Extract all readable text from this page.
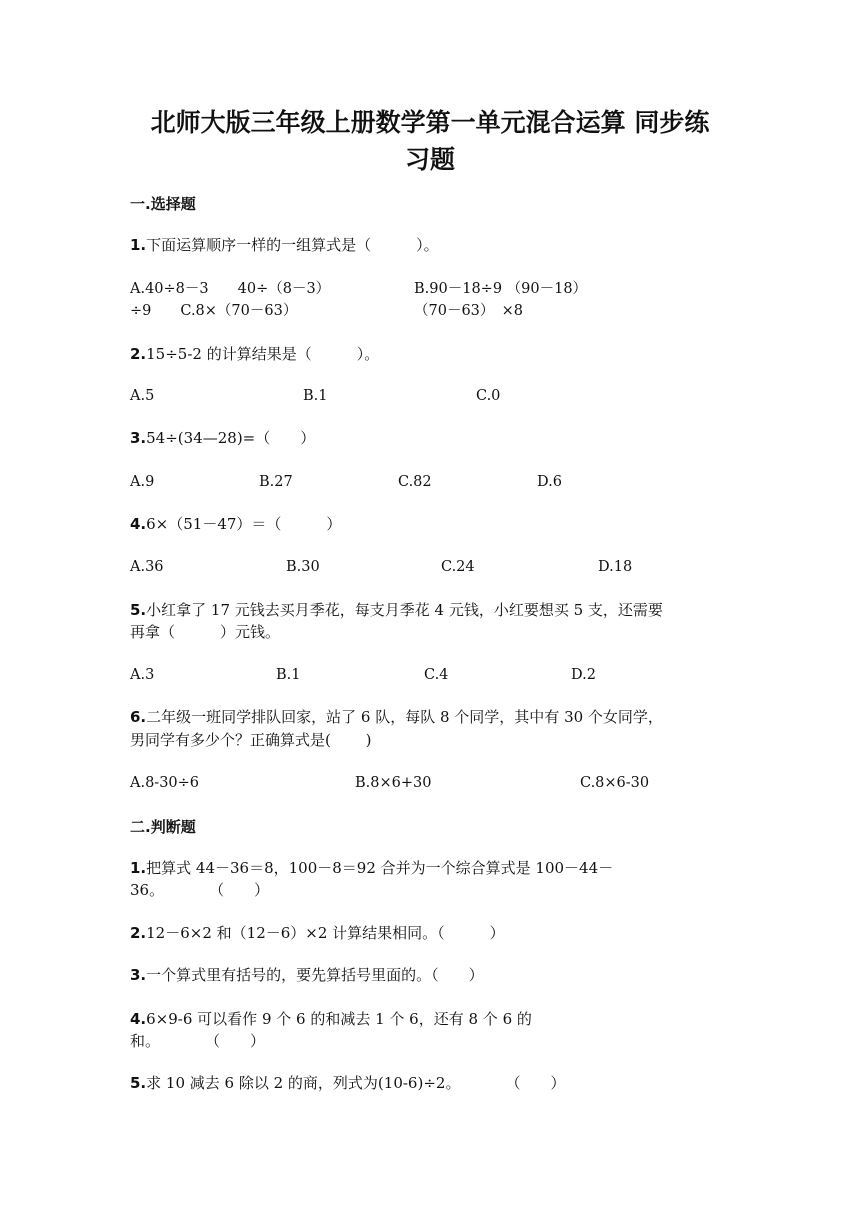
北师大版三年级上册数学第一单元混合运算 同步练
习题
一.选择题
1.下面运算顺序一样的一组算式是（　　　）。
A.40÷8－3　　40÷（8－3）	B.90－18÷9 （90－18）
÷9　　C.8×（70－63）	（70－63）　×8
2.15÷5-2 的计算结果是（　　　）。
A.5	B.1	C.0
3.54÷(34—28)=（　　）
A.9	B.27	C.82	D.6
4.6×（51－47）＝（　　　）
A.36	B.30	C.24	D.18
5.小红拿了 17 元钱去买月季花，每支月季花 4 元钱，小红要想买 5 支，还需要
再拿（　　　）元钱。
A.3	B.1	C.4	D.2
6.二年级一班同学排队回家，站了 6 队，每队 8 个同学，其中有 30 个女同学，
男同学有多少个？正确算式是(　　 )
A.8-30÷6	B.8×6+30	C.8×6-30
二.判断题
1.把算式 44－36＝8，100－8＝92 合并为一个综合算式是 100－44－
36。　　　　（　　）
2.12－6×2 和（12－6）×2 计算结果相同。（　　　）
3.一个算式里有括号的，要先算括号里面的。（　　）
4.6×9-6 可以看作 9 个 6 的和减去 1 个 6，还有 8 个 6 的
和。　　　　（　　）
5.求 10 减去 6 除以 2 的商，列式为(10-6)÷2。　　　　（　　）
